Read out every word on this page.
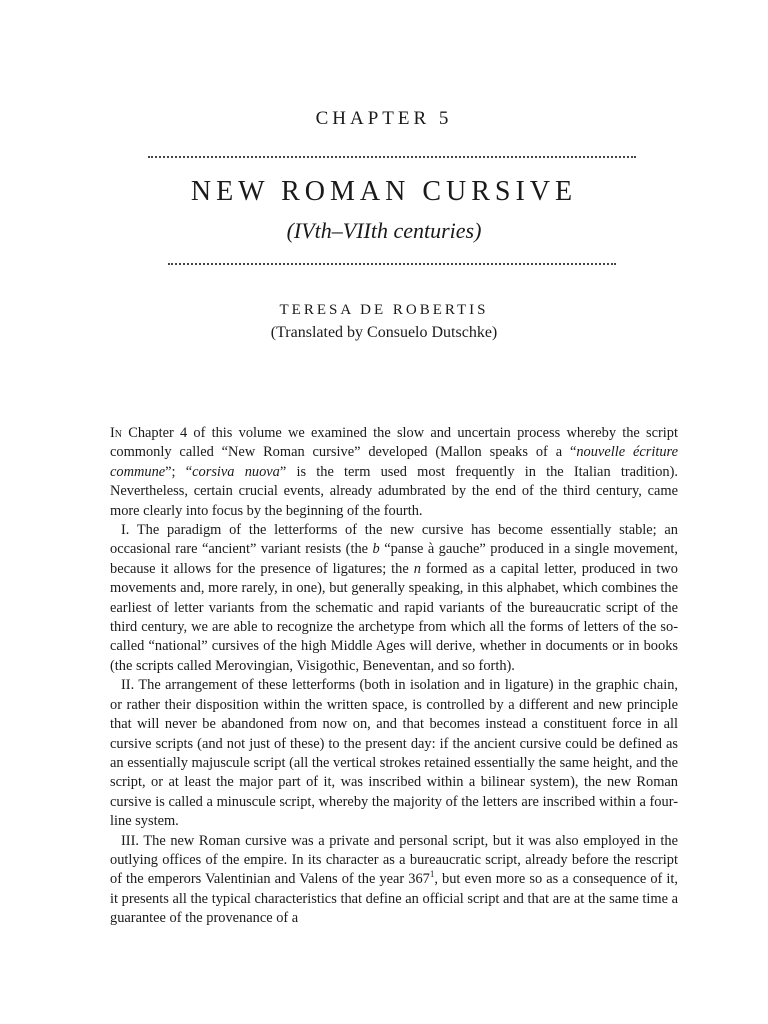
CHAPTER 5
NEW ROMAN CURSIVE
(IVth–VIIth centuries)
TERESA DE ROBERTIS
(Translated by Consuelo Dutschke)

In Chapter 4 of this volume we examined the slow and uncertain process whereby the script commonly called “New Roman cursive” developed (Mallon speaks of a “nouvelle écriture commune”; “corsiva nuova” is the term used most frequently in the Italian tradition). Nevertheless, certain crucial events, already adumbrated by the end of the third century, came more clearly into focus by the beginning of the fourth.

I. The paradigm of the letterforms of the new cursive has become essentially stable; an occasional rare “ancient” variant resists (the b “panse à gauche” produced in a single movement, because it allows for the presence of ligatures; the n formed as a capital letter, produced in two movements and, more rarely, in one), but generally speaking, in this alphabet, which combines the earliest of letter variants from the schematic and rapid variants of the bureaucratic script of the third century, we are able to recognize the archetype from which all the forms of letters of the so-called “national” cursives of the high Middle Ages will derive, whether in documents or in books (the scripts called Merovingian, Visigothic, Beneventan, and so forth).

II. The arrangement of these letterforms (both in isolation and in ligature) in the graphic chain, or rather their disposition within the written space, is controlled by a different and new principle that will never be abandoned from now on, and that becomes instead a constituent force in all cursive scripts (and not just of these) to the present day: if the ancient cursive could be defined as an essentially majuscule script (all the vertical strokes retained essentially the same height, and the script, or at least the major part of it, was inscribed within a bilinear system), the new Roman cursive is called a minuscule script, whereby the majority of the letters are inscribed within a four-line system.

III. The new Roman cursive was a private and personal script, but it was also employed in the outlying offices of the empire. In its character as a bureaucratic script, already before the rescript of the emperors Valentinian and Valens of the year $367^1$, but even more so as a consequence of it, it presents all the typical characteristics that define an official script and that are at the same time a guarantee of the provenance of a
